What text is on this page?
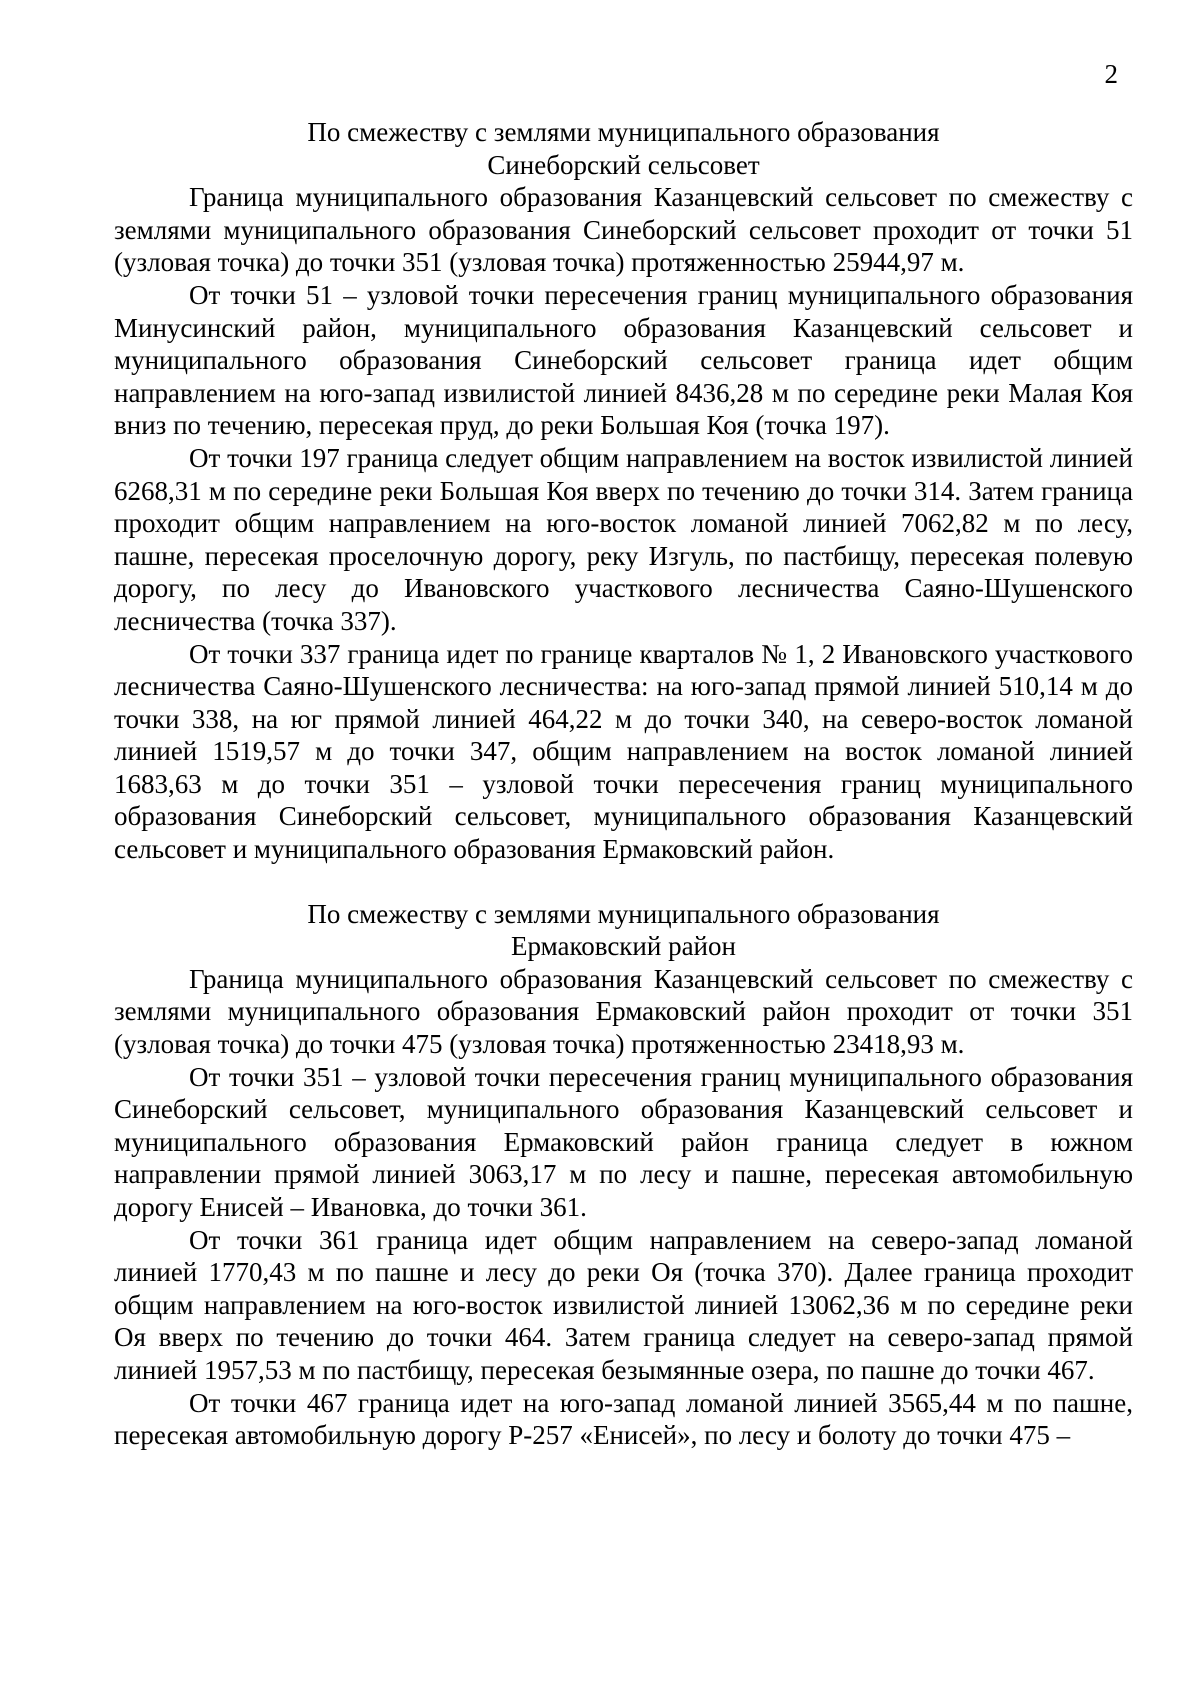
2
По смежеству с землями муниципального образования
Синеборский сельсовет

Граница муниципального образования Казанцевский сельсовет по смежеству с землями муниципального образования Синеборский сельсовет проходит от точки 51 (узловая точка) до точки 351 (узловая точка) протяженностью 25944,97 м.

От точки 51 – узловой точки пересечения границ муниципального образования Минусинский район, муниципального образования Казанцевский сельсовет и муниципального образования Синеборский сельсовет граница идет общим направлением на юго-запад извилистой линией 8436,28 м по середине реки Малая Коя вниз по течению, пересекая пруд, до реки Большая Коя (точка 197).

От точки 197 граница следует общим направлением на восток извилистой линией 6268,31 м по середине реки Большая Коя вверх по течению до точки 314. Затем граница проходит общим направлением на юго-восток ломаной линией 7062,82 м по лесу, пашне, пересекая проселочную дорогу, реку Изгуль, по пастбищу, пересекая полевую дорогу, по лесу до Ивановского участкового лесничества Саяно-Шушенского лесничества (точка 337).

От точки 337 граница идет по границе кварталов № 1, 2 Ивановского участкового лесничества Саяно-Шушенского лесничества: на юго-запад прямой линией 510,14 м до точки 338, на юг прямой линией 464,22 м до точки 340, на северо-восток ломаной линией 1519,57 м до точки 347, общим направлением на восток ломаной линией 1683,63 м до точки 351 – узловой точки пересечения границ муниципального образования Синеборский сельсовет, муниципального образования Казанцевский сельсовет и муниципального образования Ермаковский район.

По смежеству с землями муниципального образования
Ермаковский район

Граница муниципального образования Казанцевский сельсовет по смежеству с землями муниципального образования Ермаковский район проходит от точки 351 (узловая точка) до точки 475 (узловая точка) протяженностью 23418,93 м.

От точки 351 – узловой точки пересечения границ муниципального образования Синеборский сельсовет, муниципального образования Казанцевский сельсовет и муниципального образования Ермаковский район граница следует в южном направлении прямой линией 3063,17 м по лесу и пашне, пересекая автомобильную дорогу Енисей – Ивановка, до точки 361.

От точки 361 граница идет общим направлением на северо-запад ломаной линией 1770,43 м по пашне и лесу до реки Оя (точка 370). Далее граница проходит общим направлением на юго-восток извилистой линией 13062,36 м по середине реки Оя вверх по течению до точки 464. Затем граница следует на северо-запад прямой линией 1957,53 м по пастбищу, пересекая безымянные озера, по пашне до точки 467.

От точки 467 граница идет на юго-запад ломаной линией 3565,44 м по пашне, пересекая автомобильную дорогу Р-257 «Енисей», по лесу и болоту до точки 475 –
